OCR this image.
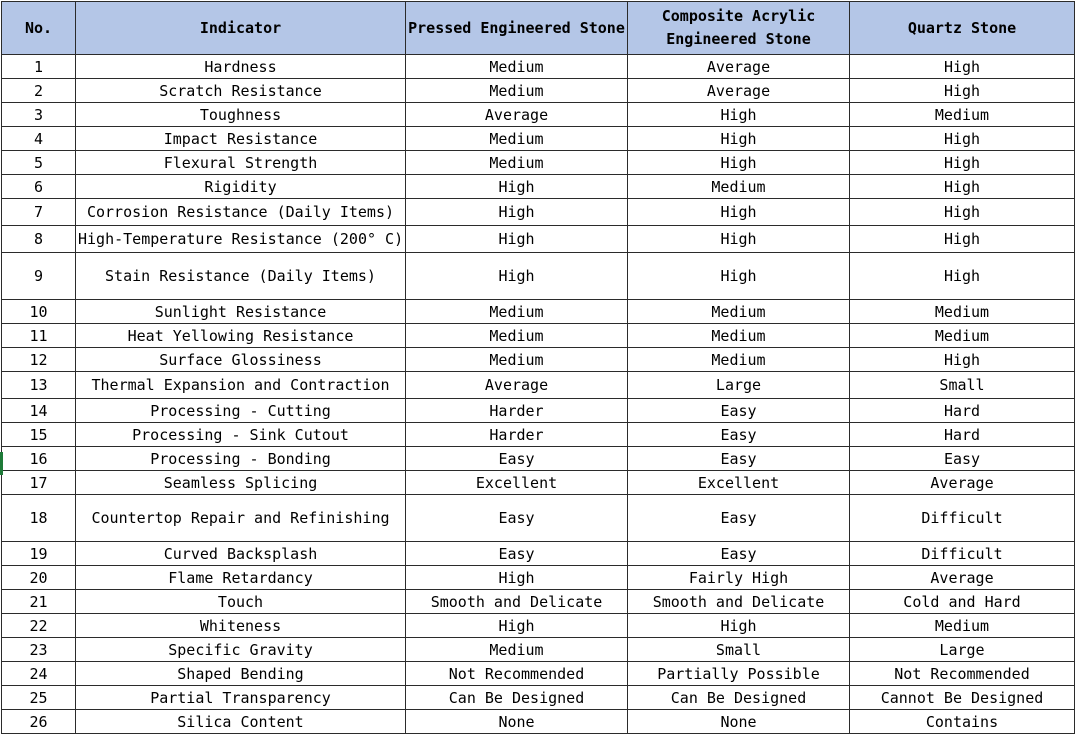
No.	Indicator	Pressed Engineered Stone	Composite Acrylic Engineered Stone	Quartz Stone
1	Hardness	Medium	Average	High
2	Scratch Resistance	Medium	Average	High
3	Toughness	Average	High	Medium
4	Impact Resistance	Medium	High	High
5	Flexural Strength	Medium	High	High
6	Rigidity	High	Medium	High
7	Corrosion Resistance (Daily Items)	High	High	High
8	High-Temperature Resistance (200° C)	High	High	High
9	Stain Resistance (Daily Items)	High	High	High
10	Sunlight Resistance	Medium	Medium	Medium
11	Heat Yellowing Resistance	Medium	Medium	Medium
12	Surface Glossiness	Medium	Medium	High
13	Thermal Expansion and Contraction	Average	Large	Small
14	Processing - Cutting	Harder	Easy	Hard
15	Processing - Sink Cutout	Harder	Easy	Hard
16	Processing - Bonding	Easy	Easy	Easy
17	Seamless Splicing	Excellent	Excellent	Average
18	Countertop Repair and Refinishing	Easy	Easy	Difficult
19	Curved Backsplash	Easy	Easy	Difficult
20	Flame Retardancy	High	Fairly High	Average
21	Touch	Smooth and Delicate	Smooth and Delicate	Cold and Hard
22	Whiteness	High	High	Medium
23	Specific Gravity	Medium	Small	Large
24	Shaped Bending	Not Recommended	Partially Possible	Not Recommended
25	Partial Transparency	Can Be Designed	Can Be Designed	Cannot Be Designed
26	Silica Content	None	None	Contains
